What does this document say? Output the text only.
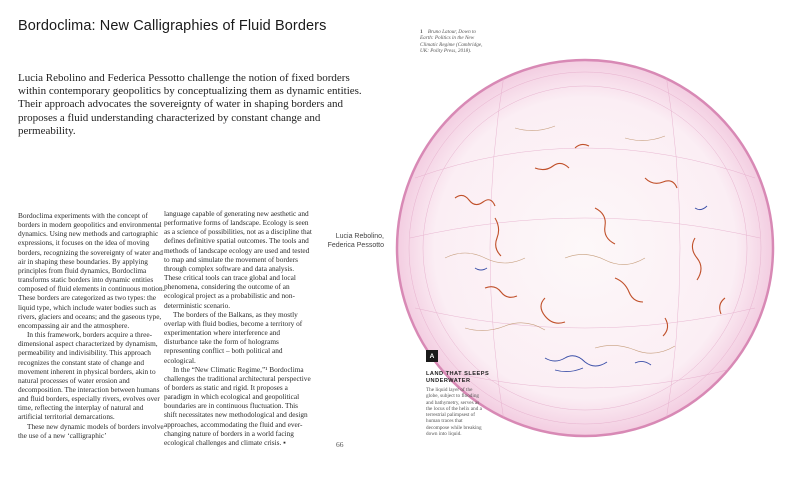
Bordoclima: New Calligraphies of Fluid Borders
Lucia Rebolino and Federica Pessotto challenge the notion of fixed borders within contemporary geopolitics by conceptualizing them as dynamic entities. Their approach advocates the sovereignty of water in shaping borders and proposes a fluid understanding characterized by constant change and permeability.

Bordoclima experiments with the concept of borders in modern geopolitics and environmental dynamics. Using new methods and cartographic expressions, it focuses on the idea of moving borders, recognizing the sovereignty of water and air in shaping these boundaries. By applying principles from fluid dynamics, Bordoclima transforms static borders into dynamic entities composed of fluid elements in continuous motion. These borders are categorized as two types: the liquid type, which include water bodies such as rivers, glaciers and oceans; and the gaseous type, encompassing air and the atmosphere.

In this framework, borders acquire a three-dimensional aspect characterized by dynamism, permeability and indivisibility. This approach recognizes the constant state of change and movement inherent in physical borders, akin to natural processes of water erosion and decomposition. The interaction between humans and fluid borders, especially rivers, evolves over time, reflecting the interplay of natural and artificial territorial demarcations.

These new dynamic models of borders involve the use of a new ‘calligraphic’

language capable of generating new aesthetic and performative forms of landscape. Ecology is seen as a science of possibilities, not as a discipline that defines definitive spatial outcomes. The tools and methods of landscape ecology are used and tested to map and simulate the movement of borders through complex software and data analysis. These critical tools can trace global and local phenomena, considering the outcome of an ecological project as a probabilistic and non-deterministic scenario.

The borders of the Balkans, as they mostly overlap with fluid bodies, become a territory of experimentation where interference and disturbance take the form of holograms representing conflict – both political and ecological.

In the “New Climatic Regime,”¹ Bordoclima challenges the traditional architectural perspective of borders as static and rigid. It proposes a paradigm in which ecological and geopolitical boundaries are in continuous fluctuation. This shift necessitates new methodological and design approaches, accommodating the fluid and ever-changing nature of borders in a world facing ecological challenges and climate crisis. ▪

Lucia Rebolino,
Federica Pessotto
66
1 Bruno Latour, Down to Earth: Politics in the New Climatic Regime (Cambridge, UK: Polity Press, 2018).
A
LAND THAT SLEEPS UNDERWATER
The liquid layer of the globe, subject to flooding and bathymetry, serves as the locus of the helix and a terrestrial palimpsest of human traces that decompose while breaking down into liquid.
